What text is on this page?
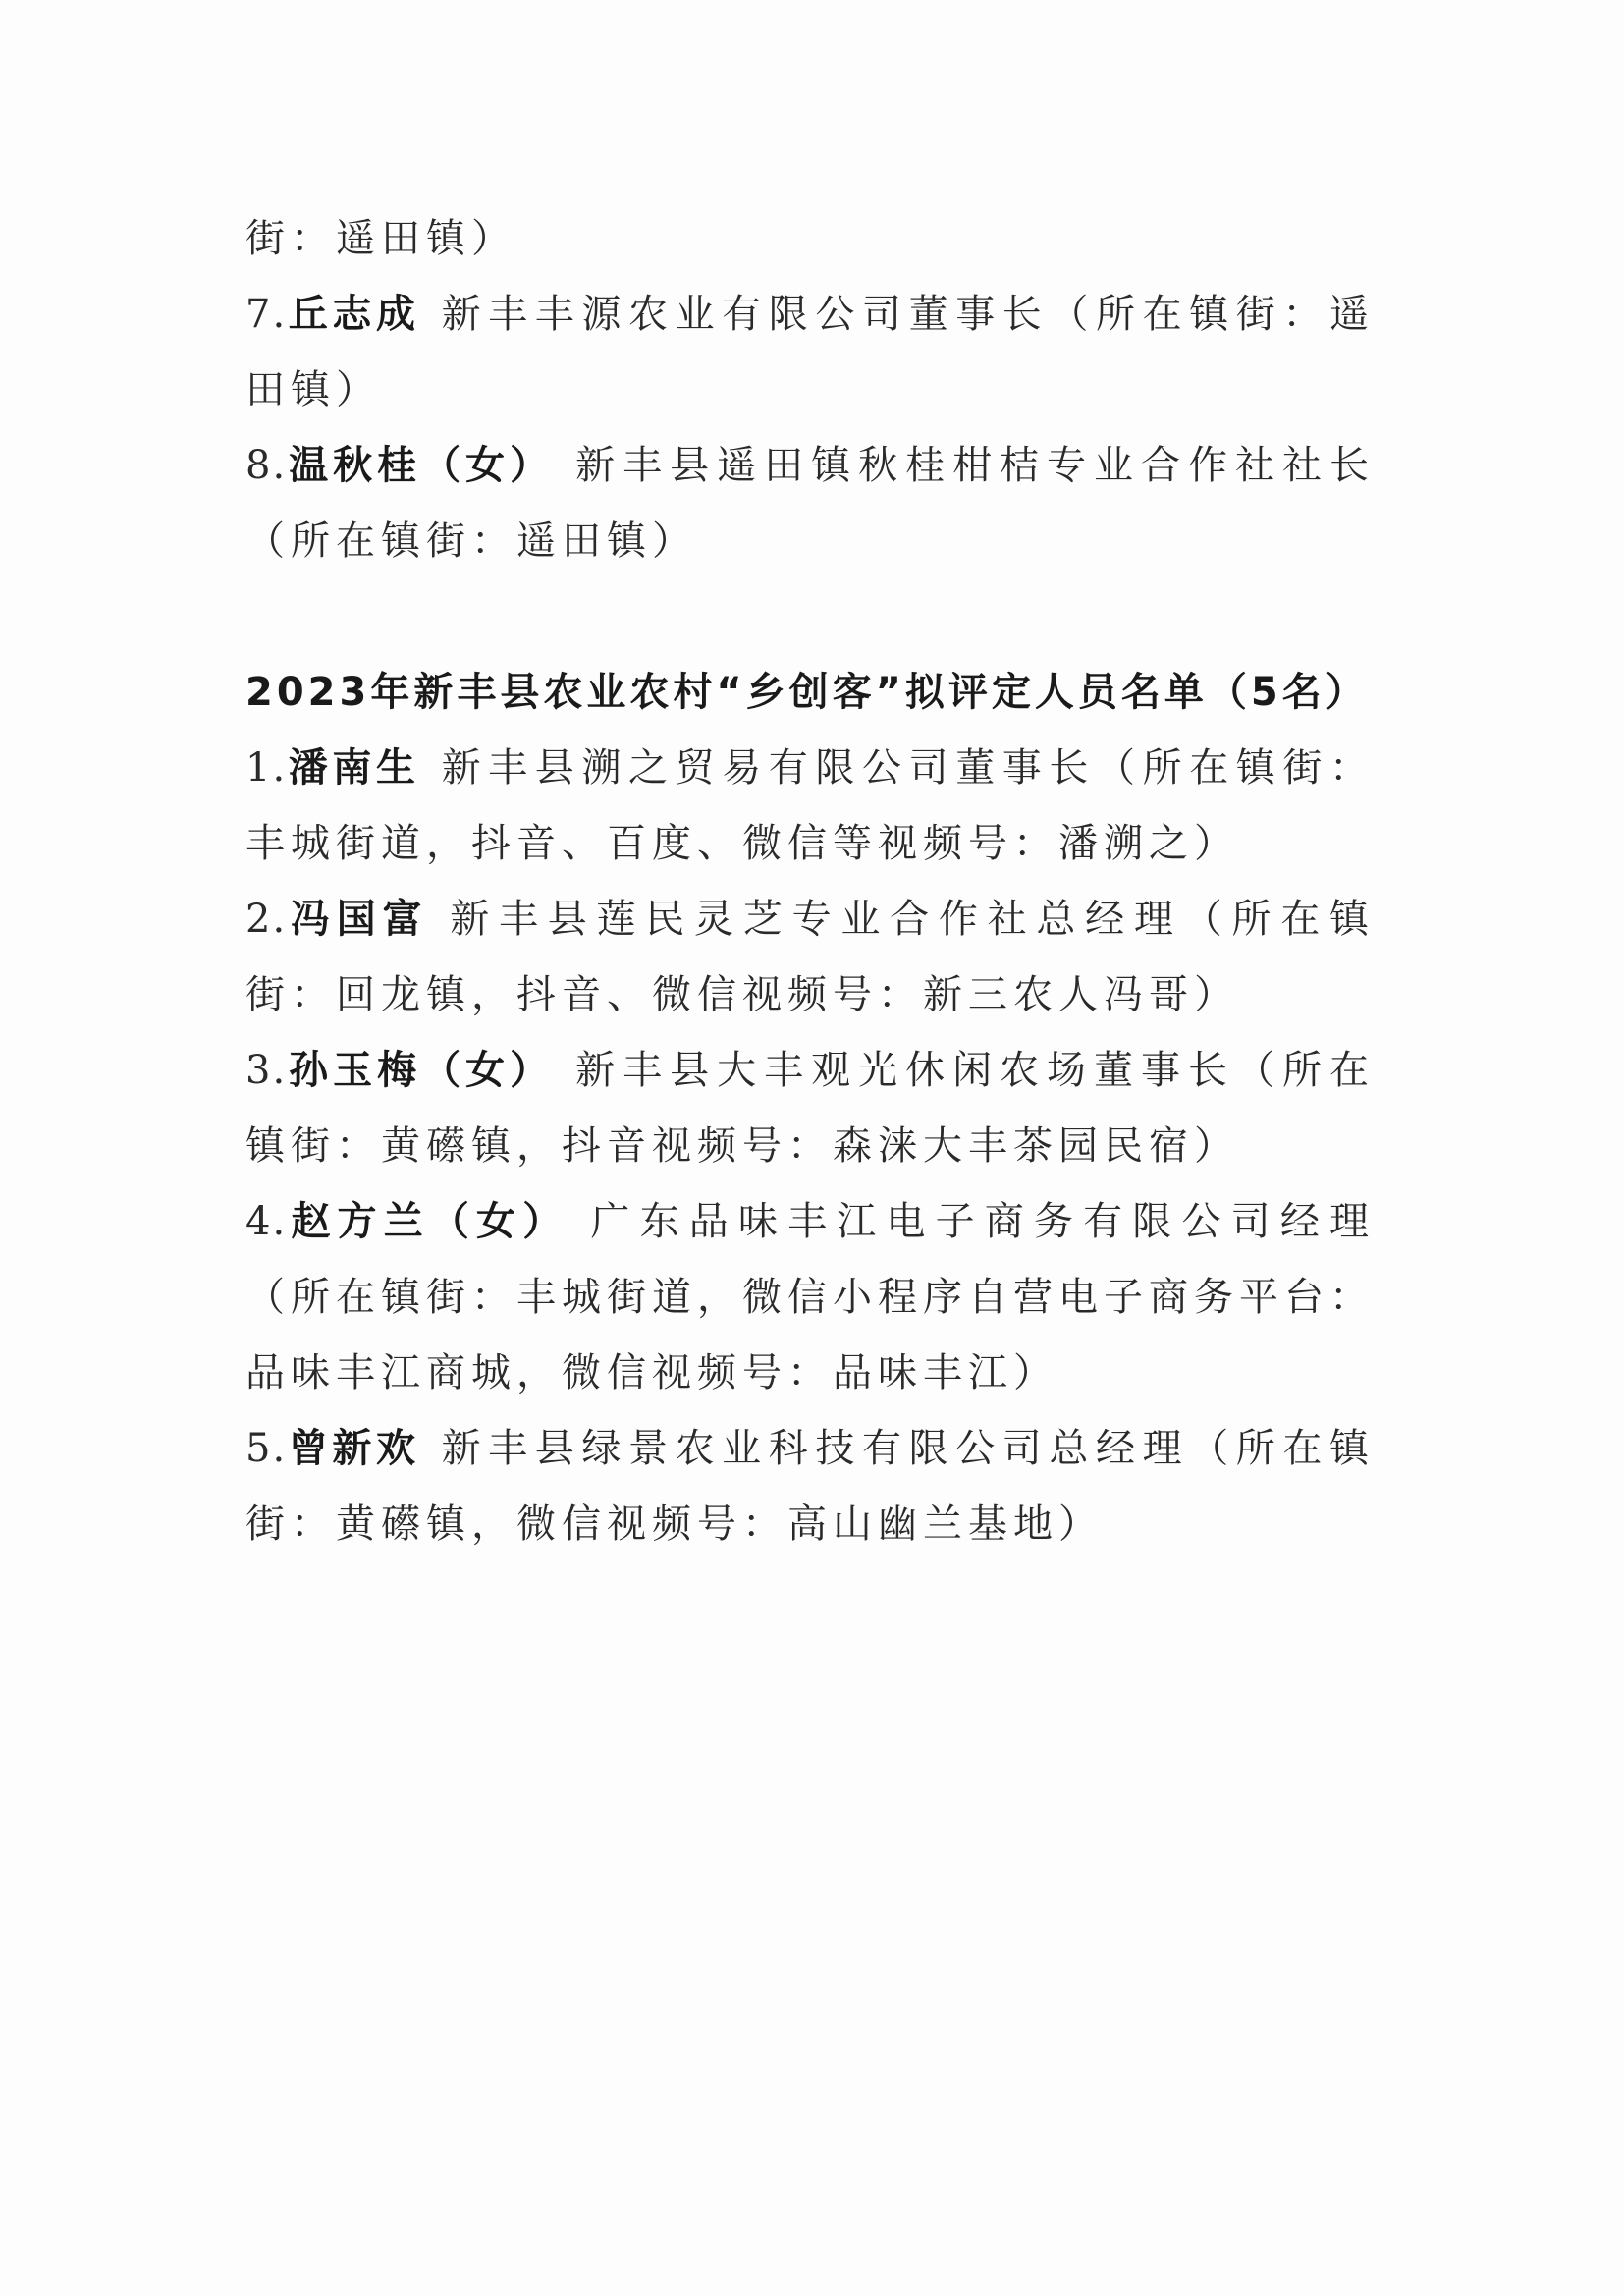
街：遥田镇）

7.丘志成 新丰丰源农业有限公司董事长（所在镇街：遥田镇）

8.温秋桂（女） 新丰县遥田镇秋桂柑桔专业合作社社长（所在镇街：遥田镇）

2023年新丰县农业农村“乡创客”拟评定人员名单（5名）

1.潘南生 新丰县溯之贸易有限公司董事长（所在镇街：丰城街道，抖音、百度、微信等视频号：潘溯之）

2.冯国富 新丰县莲民灵芝专业合作社总经理（所在镇街：回龙镇，抖音、微信视频号：新三农人冯哥）

3.孙玉梅（女） 新丰县大丰观光休闲农场董事长（所在镇街：黄礤镇，抖音视频号：森涞大丰茶园民宿）

4.赵方兰（女） 广东品味丰江电子商务有限公司经理（所在镇街：丰城街道，微信小程序自营电子商务平台：品味丰江商城，微信视频号：品味丰江）

5.曾新欢 新丰县绿景农业科技有限公司总经理（所在镇街：黄礤镇，微信视频号：高山幽兰基地）
